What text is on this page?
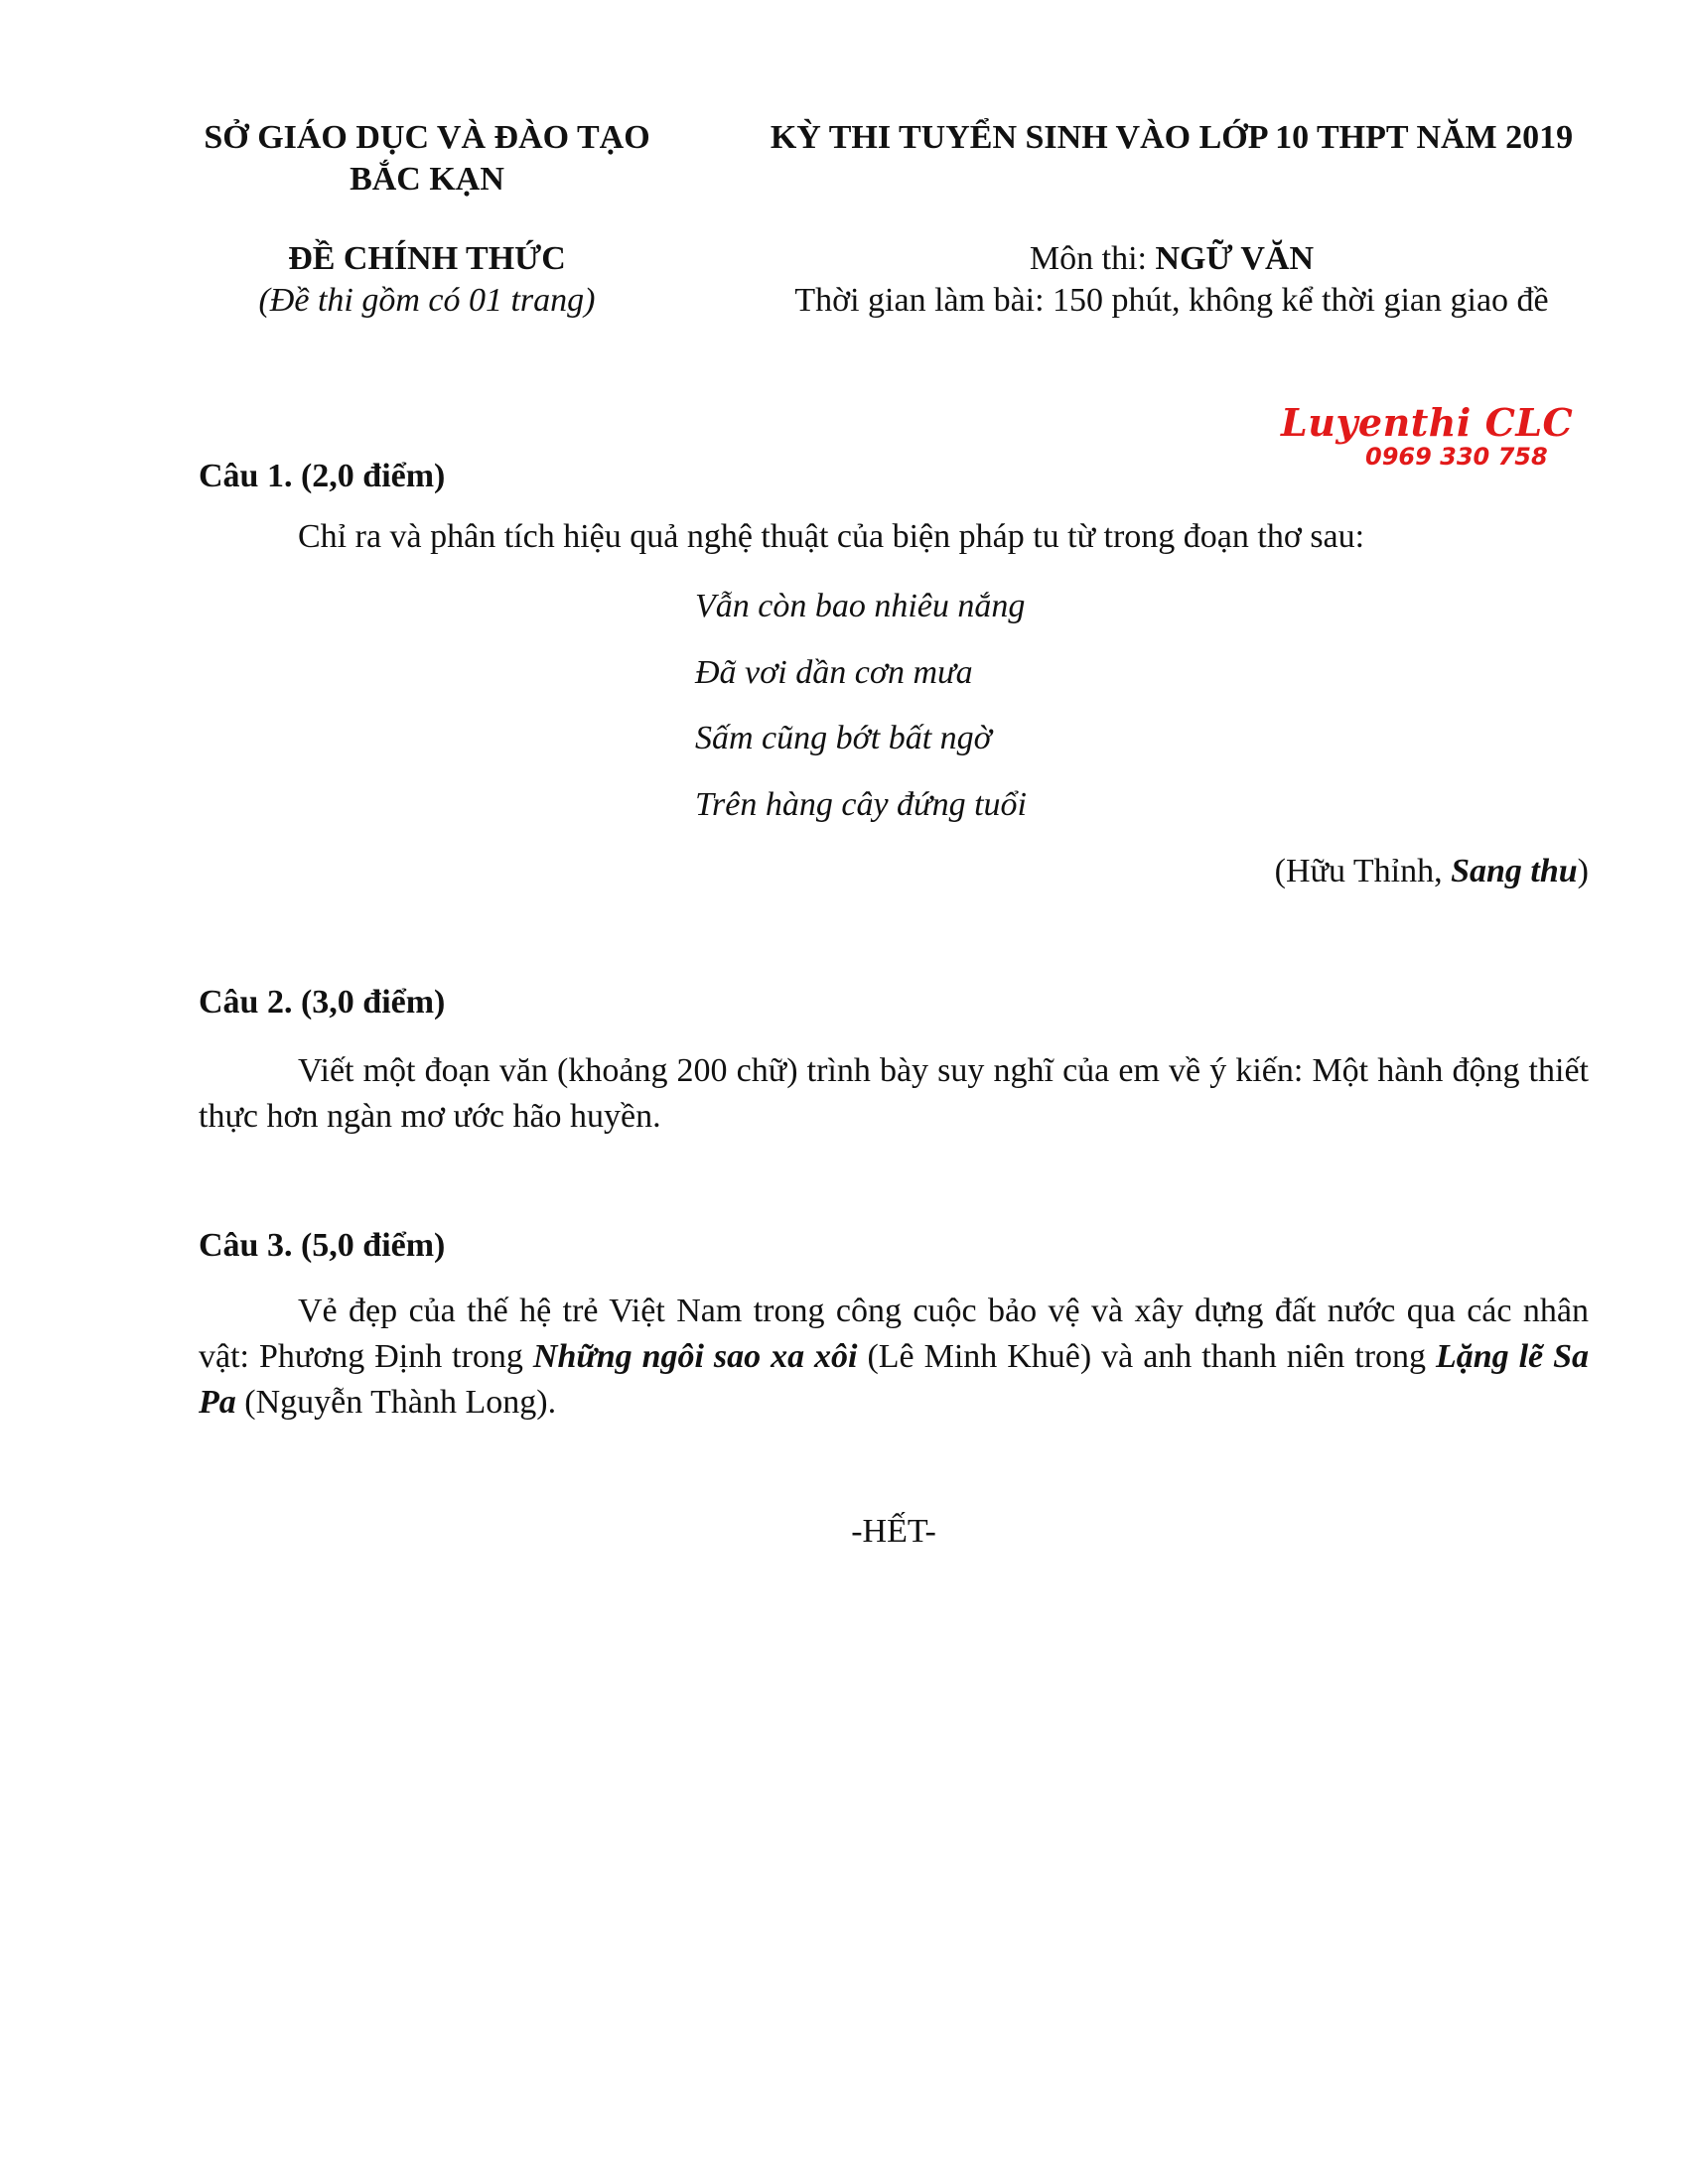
SỞ GIÁO DỤC VÀ ĐÀO TẠO
BẮC KẠN
ĐỀ CHÍNH THỨC
(Đề thi gồm có 01 trang)
KỲ THI TUYỂN SINH VÀO LỚP 10 THPT NĂM 2019
Môn thi: NGỮ VĂN
Thời gian làm bài: 150 phút, không kể thời gian giao đề
Luyenthi CLC
0969 330 758
Câu 1. (2,0 điểm)
Chỉ ra và phân tích hiệu quả nghệ thuật của biện pháp tu từ trong đoạn thơ sau:
Vẫn còn bao nhiêu nắng
Đã vơi dần cơn mưa
Sấm cũng bớt bất ngờ
Trên hàng cây đứng tuổi
(Hữu Thỉnh, Sang thu)
Câu 2. (3,0 điểm)
Viết một đoạn văn (khoảng 200 chữ) trình bày suy nghĩ của em về ý kiến: Một hành động thiết thực hơn ngàn mơ ước hão huyền.
Câu 3. (5,0 điểm)
Vẻ đẹp của thế hệ trẻ Việt Nam trong công cuộc bảo vệ và xây dựng đất nước qua các nhân vật: Phương Định trong Những ngôi sao xa xôi (Lê Minh Khuê) và anh thanh niên trong Lặng lẽ Sa Pa (Nguyễn Thành Long).
-HẾT-
